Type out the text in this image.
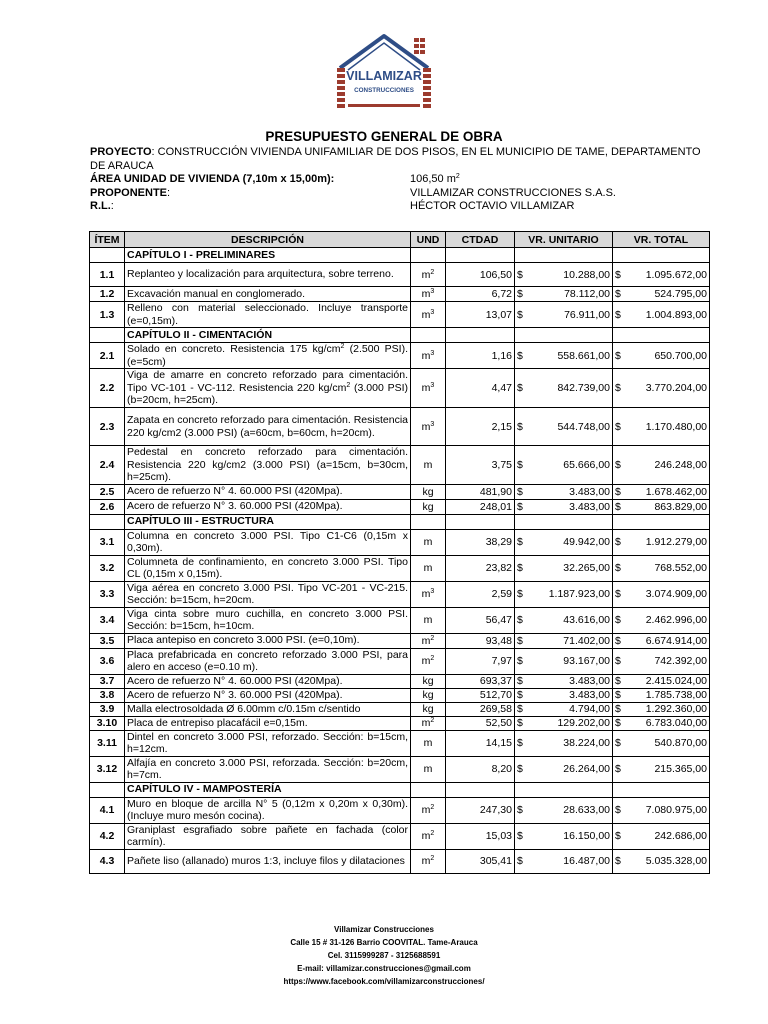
VILLAMIZAR
CONSTRUCCIONES
PRESUPUESTO GENERAL DE OBRA
PROYECTO: CONSTRUCCIÓN VIVIENDA UNIFAMILIAR DE DOS PISOS, EN EL MUNICIPIO DE TAME, DEPARTAMENTO DE ARAUCA
ÁREA UNIDAD DE VIVIENDA (7,10m x 15,00m):	106,50 $m^2$
PROPONENTE:	VILLAMIZAR CONSTRUCCIONES S.A.S.
R.L.:	HÉCTOR OCTAVIO VILLAMIZAR
ÍTEM	DESCRIPCIÓN	UND	CTDAD	VR. UNITARIO	VR. TOTAL
	CAPÍTULO I - PRELIMINARES				
1.1	Replanteo y localización para arquitectura, sobre terreno.	$m^2$	106,50	$ 10.288,00	$ 1.095.672,00
1.2	Excavación manual en conglomerado.	$m^3$	6,72	$ 78.112,00	$ 524.795,00
1.3	Relleno con material seleccionado. Incluye transporte (e=0,15m).	$m^3$	13,07	$ 76.911,00	$ 1.004.893,00
	CAPÍTULO II - CIMENTACIÓN				
2.1	Solado en concreto. Resistencia 175 $kg/cm^2$ (2.500 PSI). (e=5cm)	$m^3$	1,16	$ 558.661,00	$ 650.700,00
2.2	Viga de amarre en concreto reforzado para cimentación. Tipo VC-101 - VC-112. Resistencia 220 $kg/cm^2$ (3.000 PSI) (b=20cm, h=25cm).	$m^3$	4,47	$ 842.739,00	$ 3.770.204,00
2.3	Zapata en concreto reforzado para cimentación. Resistencia 220 kg/cm2 (3.000 PSI) (a=60cm, b=60cm, h=20cm).	$m^3$	2,15	$ 544.748,00	$ 1.170.480,00
2.4	Pedestal en concreto reforzado para cimentación. Resistencia 220 kg/cm2 (3.000 PSI) (a=15cm, b=30cm, h=25cm).	m	3,75	$ 65.666,00	$ 246.248,00
2.5	Acero de refuerzo N° 4. 60.000 PSI (420Mpa).	kg	481,90	$ 3.483,00	$ 1.678.462,00
2.6	Acero de refuerzo N° 3. 60.000 PSI (420Mpa).	kg	248,01	$ 3.483,00	$ 863.829,00
	CAPÍTULO III - ESTRUCTURA				
3.1	Columna en concreto 3.000 PSI. Tipo C1-C6 (0,15m x 0,30m).	m	38,29	$ 49.942,00	$ 1.912.279,00
3.2	Columneta de confinamiento, en concreto 3.000 PSI. Tipo CL (0,15m x 0,15m).	m	23,82	$ 32.265,00	$ 768.552,00
3.3	Viga aérea en concreto 3.000 PSI. Tipo VC-201 - VC-215. Sección: b=15cm, h=20cm.	$m^3$	2,59	$ 1.187.923,00	$ 3.074.909,00
3.4	Viga cinta sobre muro cuchilla, en concreto 3.000 PSI. Sección: b=15cm, h=10cm.	m	56,47	$ 43.616,00	$ 2.462.996,00
3.5	Placa antepiso en concreto 3.000 PSI. (e=0,10m).	$m^2$	93,48	$ 71.402,00	$ 6.674.914,00
3.6	Placa prefabricada en concreto reforzado 3.000 PSI, para alero en acceso (e=0.10 m).	$m^2$	7,97	$ 93.167,00	$ 742.392,00
3.7	Acero de refuerzo N° 4. 60.000 PSI (420Mpa).	kg	693,37	$ 3.483,00	$ 2.415.024,00
3.8	Acero de refuerzo N° 3. 60.000 PSI (420Mpa).	kg	512,70	$ 3.483,00	$ 1.785.738,00
3.9	Malla electrosoldada Ø 6.00mm c/0.15m c/sentido	kg	269,58	$ 4.794,00	$ 1.292.360,00
3.10	Placa de entrepiso placafácil e=0,15m.	$m^2$	52,50	$ 129.202,00	$ 6.783.040,00
3.11	Dintel en concreto 3.000 PSI, reforzado. Sección: b=15cm, h=12cm.	m	14,15	$ 38.224,00	$ 540.870,00
3.12	Alfajía en concreto 3.000 PSI, reforzada. Sección: b=20cm, h=7cm.	m	8,20	$ 26.264,00	$ 215.365,00
	CAPÍTULO IV - MAMPOSTERÍA				
4.1	Muro en bloque de arcilla N° 5 (0,12m x 0,20m x 0,30m). (Incluye muro mesón cocina).	$m^2$	247,30	$ 28.633,00	$ 7.080.975,00
4.2	Graniplast esgrafiado sobre pañete en fachada (color carmín).	$m^2$	15,03	$ 16.150,00	$ 242.686,00
4.3	Pañete liso (allanado) muros 1:3, incluye filos y dilataciones	$m^2$	305,41	$ 16.487,00	$ 5.035.328,00
Villamizar Construcciones
Calle 15 # 31-126 Barrio COOVITAL. Tame-Arauca
Cel. 3115999287 - 3125688591
E-mail: villamizar.construcciones@gmail.com
https://www.facebook.com/villamizarconstrucciones/
